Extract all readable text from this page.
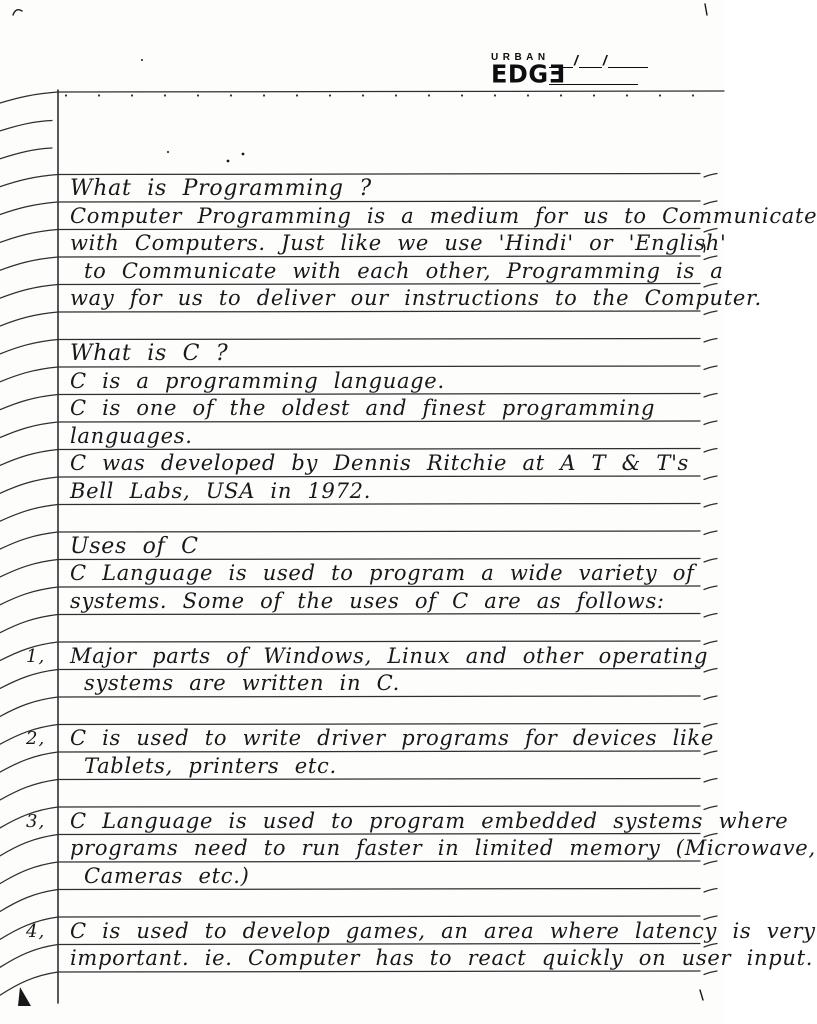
URBAN
EDGƎ / /
What is Programming ?
Computer Programming is a medium for us to Communicate
with Computers. Just like we use 'Hindi' or 'English'
to Communicate with each other, Programming is a
way for us to deliver our instructions to the Computer.
What is C ?
C is a programming language.
C is one of the oldest and finest programming
languages.
C was developed by Dennis Ritchie at A T & T's
Bell Labs, USA in 1972.
Uses of C
C Language is used to program a wide variety of
systems. Some of the uses of C are as follows:
Major parts of Windows, Linux and other operating
systems are written in C.
C is used to write driver programs for devices like
Tablets, printers etc.
C Language is used to program embedded systems where
programs need to run faster in limited memory (Microwave,
Cameras etc.)
C is used to develop games, an area where latency is very
important. ie. Computer has to react quickly on user input.
1,
2,
3,
4,
